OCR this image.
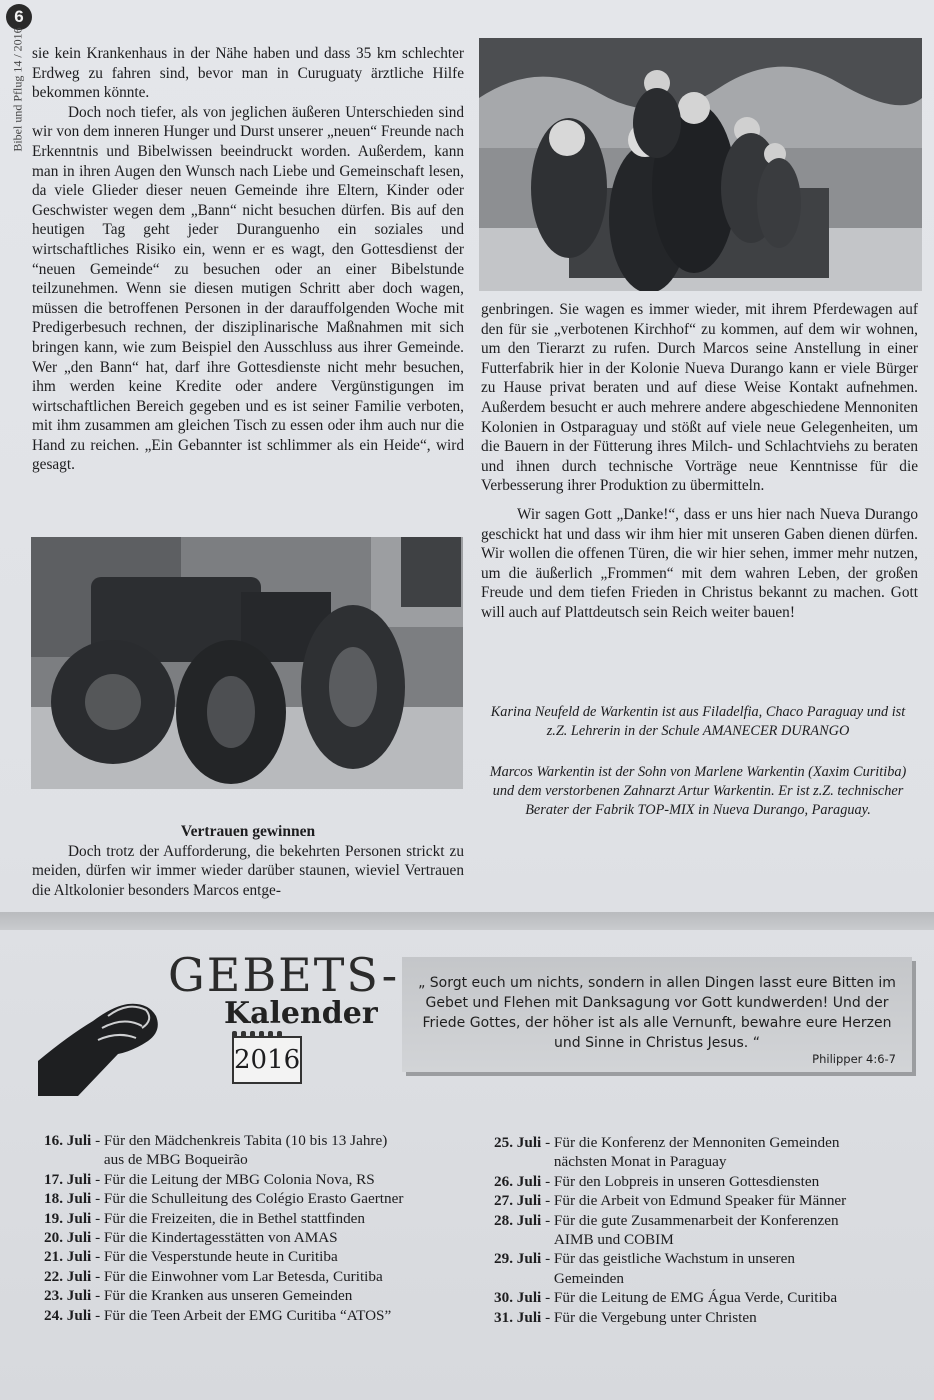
6
Bibel und Pflug 14 / 2016 sie kein Krankenhaus in der Nähe haben und dass 35 km schlechter Erdweg zu fahren sind, bevor man in Curuguaty ärztliche Hilfe bekommen könnte.

Doch noch tiefer, als von jeglichen äußeren Unterschieden sind wir von dem inneren Hunger und Durst unserer „neuen“ Freunde nach Erkenntnis und Bibelwissen beeindruckt worden. Außerdem, kann man in ihren Augen den Wunsch nach Liebe und Gemeinschaft lesen, da viele Glieder dieser neuen Gemeinde ihre Eltern, Kinder oder Geschwister wegen dem „Bann“ nicht besuchen dürfen. Bis auf den heutigen Tag geht jeder Duranguenho ein soziales und wirtschaftliches Risiko ein, wenn er es wagt, den Gottesdienst der “neuen Gemeinde“ zu besuchen oder an einer Bibelstunde teilzunehmen. Wenn sie diesen mutigen Schritt aber doch wagen, müssen die betroffenen Personen in der darauffolgenden Woche mit Predigerbesuch rechnen, der disziplinarische Maßnahmen mit sich bringen kann, wie zum Beispiel den Ausschluss aus ihrer Gemeinde. Wer „den Bann“ hat, darf ihre Gottesdienste nicht mehr besuchen, ihm werden keine Kredite oder andere Vergünstigungen im wirtschaftlichen Bereich gegeben und es ist seiner Familie verboten, mit ihm zusammen am gleichen Tisch zu essen oder ihm auch nur die Hand zu reichen. „Ein Gebannter ist schlimmer als ein Heide“, wird gesagt.

genbringen. Sie wagen es immer wieder, mit ihrem Pferdewagen auf den für sie „verbotenen Kirchhof“ zu kommen, auf dem wir wohnen, um den Tierarzt zu rufen. Durch Marcos seine Anstellung in einer Futterfabrik hier in der Kolonie Nueva Durango kann er viele Bürger zu Hause privat beraten und auf diese Weise Kontakt aufnehmen. Außerdem besucht er auch mehrere andere abgeschiedene Mennoniten Kolonien in Ostparaguay und stößt auf viele neue Gelegenheiten, um die Bauern in der Fütterung ihres Milch- und Schlachtviehs zu beraten und ihnen durch technische Vorträge neue Kenntnisse für die Verbesserung ihrer Produktion zu übermitteln.

Wir sagen Gott „Danke!“, dass er uns hier nach Nueva Durango geschickt hat und dass wir ihm hier mit unseren Gaben dienen dürfen. Wir wollen die offenen Türen, die wir hier sehen, immer mehr nutzen, um die äußerlich „Frommen“ mit dem wahren Leben, der großen Freude und dem tiefen Frieden in Christus bekannt zu machen. Gott will auch auf Plattdeutsch sein Reich weiter bauen!

Karina Neufeld de Warkentin ist aus Filadelfia, Chaco Paraguay und ist z.Z. Lehrerin in der Schule AMANECER DURANGO

Marcos Warkentin ist der Sohn von Marlene Warkentin (Xaxim Curitiba) und dem verstorbenen Zahnarzt Artur Warkentin. Er ist z.Z. technischer Berater der Fabrik TOP-MIX in Nueva Durango, Paraguay.

Vertrauen gewinnen

Doch trotz der Aufforderung, die bekehrten Personen strickt zu meiden, dürfen wir immer wieder darüber staunen, wieviel Vertrauen die Altkolonier besonders Marcos entge-

GEBETS-
Kalender
2016
„ Sorgt euch um nichts, sondern in allen Dingen lasst eure Bitten im Gebet und Flehen mit Danksagung vor Gott kundwerden! Und der Friede Gottes, der höher ist als alle Vernunft, bewahre eure Herzen und Sinne in Christus Jesus. “
Philipper 4:6-7
16. Juli - Für den Mädchenkreis Tabita (10 bis 13 Jahre)
aus de MBG Boqueirão
17. Juli - Für die Leitung der MBG Colonia Nova, RS
18. Juli - Für die Schulleitung des Colégio Erasto Gaertner
19. Juli - Für die Freizeiten, die in Bethel stattfinden
20. Juli - Für die Kindertagesstätten von AMAS
21. Juli - Für die Vesperstunde heute in Curitiba
22. Juli - Für die Einwohner vom Lar Betesda, Curitiba
23. Juli - Für die Kranken aus unseren Gemeinden
24. Juli - Für die Teen Arbeit der EMG Curitiba “ATOS”
25. Juli - Für die Konferenz der Mennoniten Gemeinden
nächsten Monat in Paraguay
26. Juli - Für den Lobpreis in unseren Gottesdiensten
27. Juli - Für die Arbeit von Edmund Speaker für Männer
28. Juli - Für die gute Zusammenarbeit der Konferenzen
AIMB und COBIM
29. Juli - Für das geistliche Wachstum in unseren
Gemeinden
30. Juli - Für die Leitung de EMG Água Verde, Curitiba
31. Juli - Für die Vergebung unter Christen
